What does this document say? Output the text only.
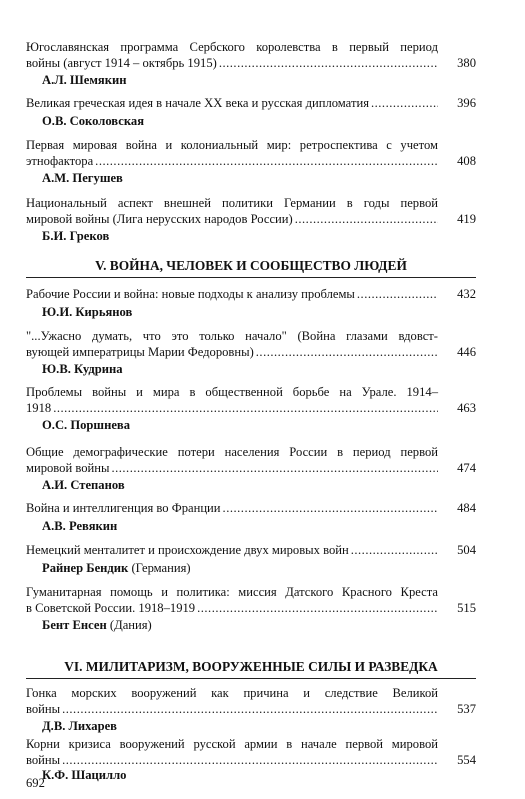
Югославянская программа Сербского королевства в первый период
войны (август 1914 – октябрь 1915) .....	380
А.Л. Шемякин
Великая греческая идея в начале XX века и русская дипломатия .....	396
О.В. Соколовская
Первая мировая война и колониальный мир: ретроспектива с учетом
этнофактора .....	408
А.М. Пегушев
Национальный аспект внешней политики Германии в годы первой
мировой войны (Лига нерусских народов России) .....	419
Б.И. Греков
V. ВОЙНА, ЧЕЛОВЕК И СООБЩЕСТВО ЛЮДЕЙ
Рабочие России и война: новые подходы к анализу проблемы .....	432
Ю.И. Кирьянов
"...Ужасно думать, что это только начало" (Война глазами вдовст-
вующей императрицы Марии Федоровны) .....	446
Ю.В. Кудрина
Проблемы войны и мира в общественной борьбе на Урале. 1914–
1918 .....	463
О.С. Поршнева
Общие демографические потери населения России в период первой
мировой войны .....	474
А.И. Степанов
Война и интеллигенция во Франции .....	484
А.В. Ревякин
Немецкий менталитет и происхождение двух мировых войн .....	504
Райнер Бендик (Германия)
Гуманитарная помощь и политика: миссия Датского Красного Креста
в Советской России. 1918–1919 .....	515
Бент Енсен (Дания)
VI. МИЛИТАРИЗМ, ВООРУЖЕННЫЕ СИЛЫ И РАЗВЕДКА
Гонка морских вооружений как причина и следствие Великой
войны .....	537
Д.В. Лихарев
Корни кризиса вооружений русской армии в начале первой мировой
войны .....	554
К.Ф. Шацилло
692
